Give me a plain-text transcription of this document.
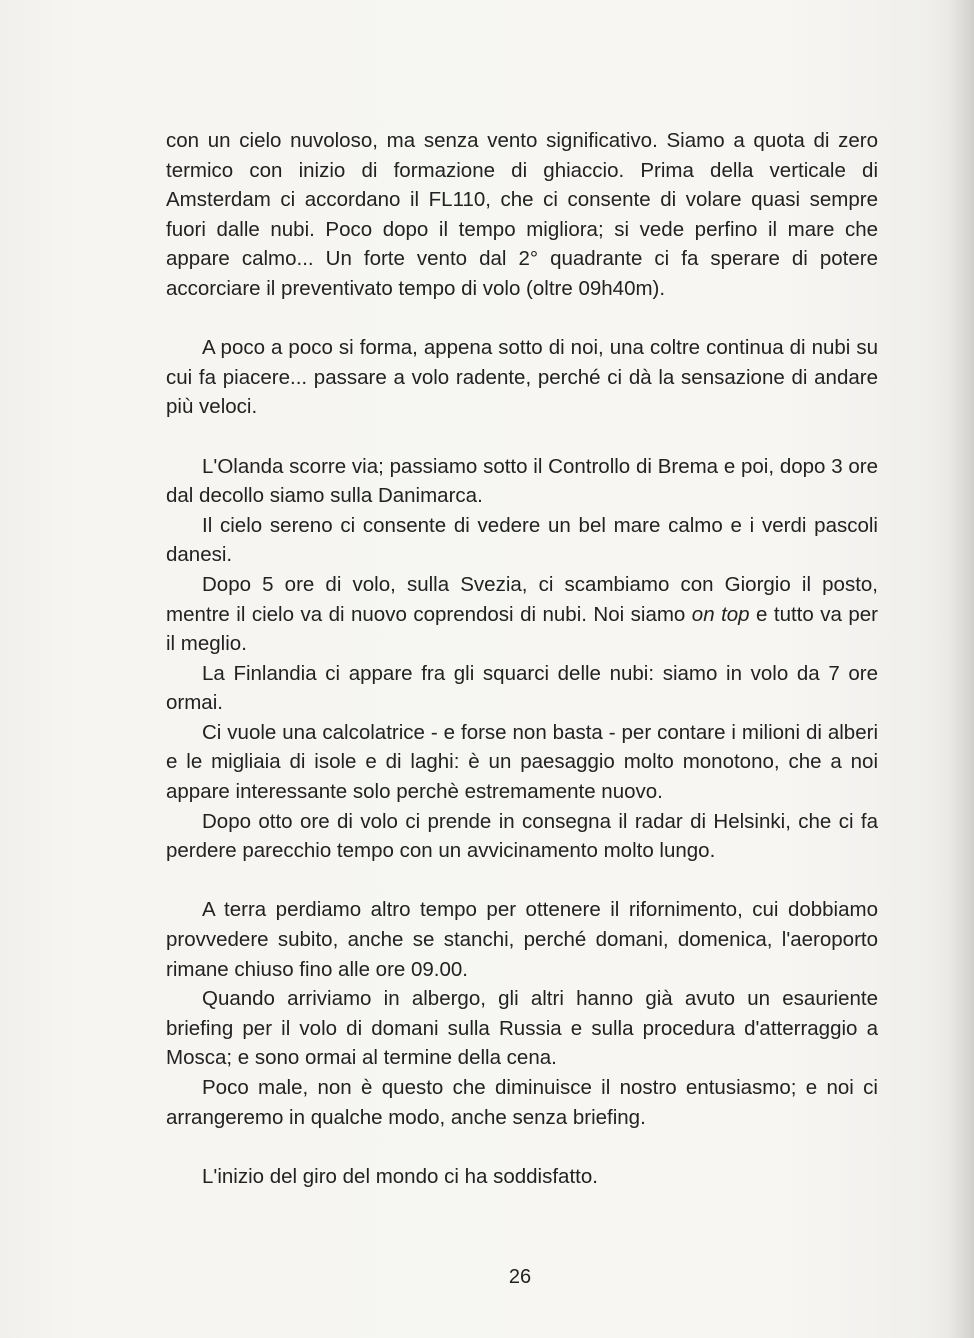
con un cielo nuvoloso, ma senza vento significativo. Siamo a quota di zero termico con inizio di formazione di ghiaccio. Prima della verticale di Amsterdam ci accordano il FL110, che ci consente di volare quasi sempre fuori dalle nubi. Poco dopo il tempo migliora; si vede perfino il mare che appare calmo... Un forte vento dal 2° quadrante ci fa sperare di potere accorciare il preventivato tempo di volo (oltre 09h40m).

A poco a poco si forma, appena sotto di noi, una coltre continua di nubi su cui fa piacere... passare a volo radente, perché ci dà la sensazione di andare più veloci.

L'Olanda scorre via; passiamo sotto il Controllo di Brema e poi, dopo 3 ore dal decollo siamo sulla Danimarca.

Il cielo sereno ci consente di vedere un bel mare calmo e i verdi pascoli danesi.

Dopo 5 ore di volo, sulla Svezia, ci scambiamo con Giorgio il posto, mentre il cielo va di nuovo coprendosi di nubi. Noi siamo on top e tutto va per il meglio.

La Finlandia ci appare fra gli squarci delle nubi: siamo in volo da 7 ore ormai.

Ci vuole una calcolatrice - e forse non basta - per contare i milioni di alberi e le migliaia di isole e di laghi: è un paesaggio molto monotono, che a noi appare interessante solo perchè estremamente nuovo.

Dopo otto ore di volo ci prende in consegna il radar di Helsinki, che ci fa perdere parecchio tempo con un avvicinamento molto lungo.

A terra perdiamo altro tempo per ottenere il rifornimento, cui dobbiamo provvedere subito, anche se stanchi, perché domani, domenica, l'aeroporto rimane chiuso fino alle ore 09.00.

Quando arriviamo in albergo, gli altri hanno già avuto un esauriente briefing per il volo di domani sulla Russia e sulla procedura d'atterraggio a Mosca; e sono ormai al termine della cena.

Poco male, non è questo che diminuisce il nostro entusiasmo; e noi ci arrangeremo in qualche modo, anche senza briefing.

L'inizio del giro del mondo ci ha soddisfatto.

26
